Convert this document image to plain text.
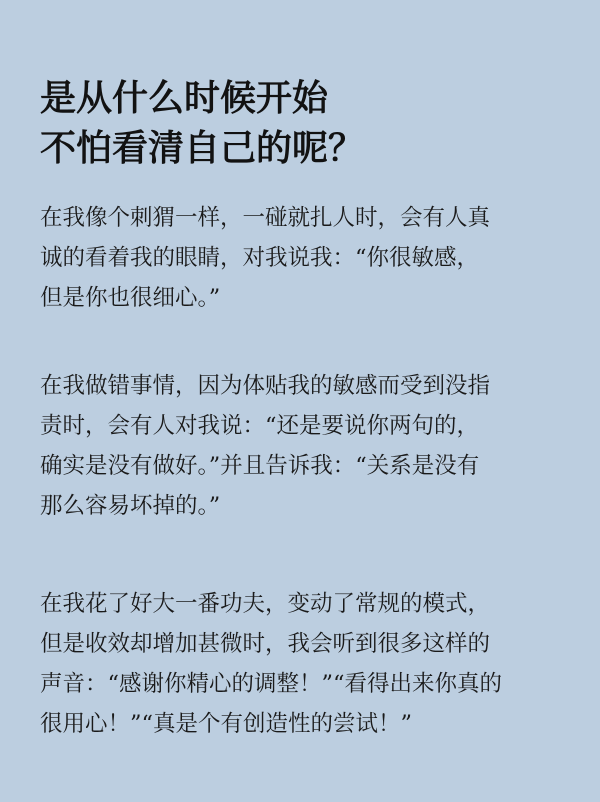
是从什么时候开始
不怕看清自己的呢？
在我像个刺猬一样，一碰就扎人时，会有人真
诚的看着我的眼睛，对我说我：“你很敏感，
但是你也很细心。”
在我做错事情，因为体贴我的敏感而受到没指
责时，会有人对我说：“还是要说你两句的，
确实是没有做好。”并且告诉我：“关系是没有
那么容易坏掉的。”
在我花了好大一番功夫，变动了常规的模式，
但是收效却增加甚微时，我会听到很多这样的
声音：“感谢你精心的调整！”“看得出来你真的
很用心！”“真是个有创造性的尝试！”
